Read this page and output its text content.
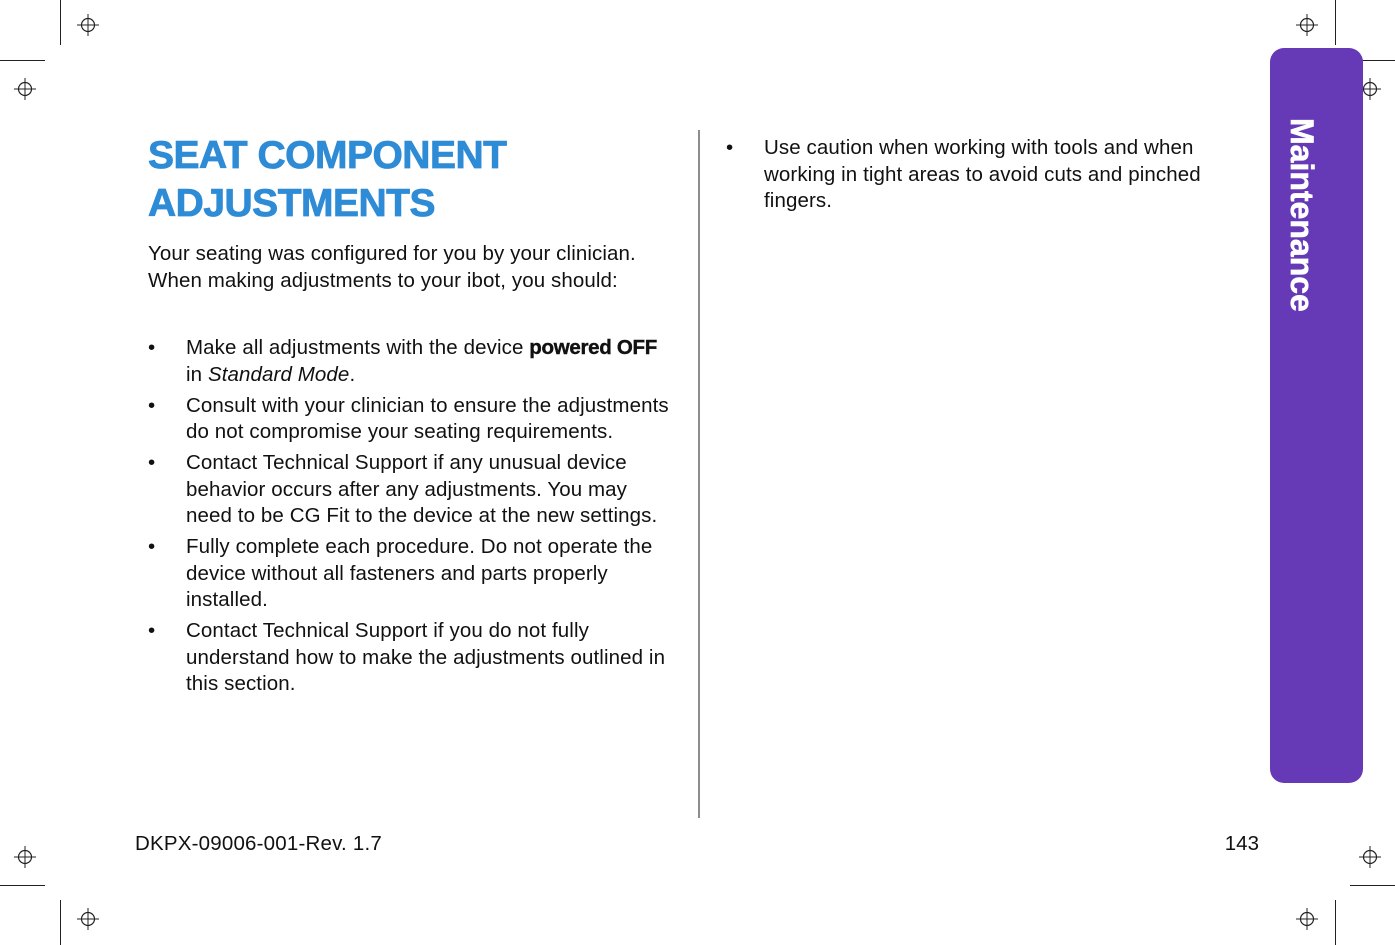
Maintenance
SEAT COMPONENT
ADJUSTMENTS

Your seating was configured for you by your clinician. When making adjustments to your ibot, you should:

•	Make all adjustments with the device powered OFF in Standard Mode.
•	Consult with your clinician to ensure the adjustments do not compromise your seating requirements.
•	Contact Technical Support if any unusual device behavior occurs after any adjustments. You may need to be CG Fit to the device at the new settings.
•	Fully complete each procedure. Do not operate the device without all fasteners and parts properly installed.
•	Contact Technical Support if you do not fully understand how to make the adjustments outlined in this section.
•	Use caution when working with tools and when working in tight areas to avoid cuts and pinched fingers.
DKPX-09006-001-Rev. 1.7	143
